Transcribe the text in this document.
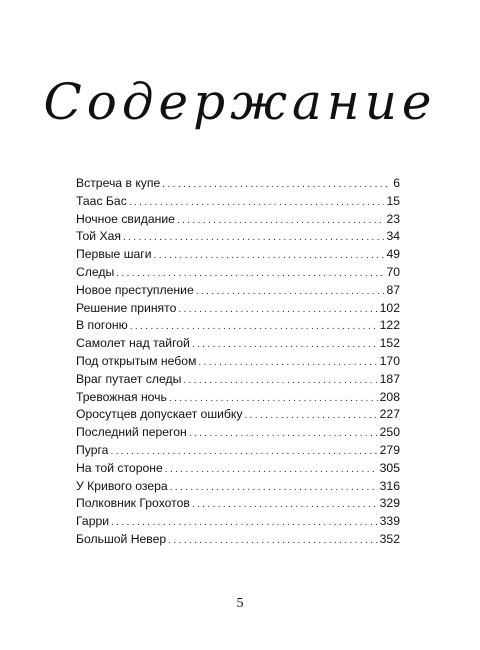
Содержание
Встреча в купе .....	6
Таас Бас .....	15
Ночное свидание .....	23
Той Хая .....	34
Первые шаги .....	49
Следы .....	70
Новое преступление .....	87
Решение принято .....	102
В погоню .....	122
Самолет над тайгой .....	152
Под открытым небом .....	170
Враг путает следы .....	187
Тревожная ночь .....	208
Оросутцев допускает ошибку .....	227
Последний перегон .....	250
Пурга .....	279
На той стороне .....	305
У Кривого озера .....	316
Полковник Грохотов .....	329
Гарри .....	339
Большой Невер .....	352
5
